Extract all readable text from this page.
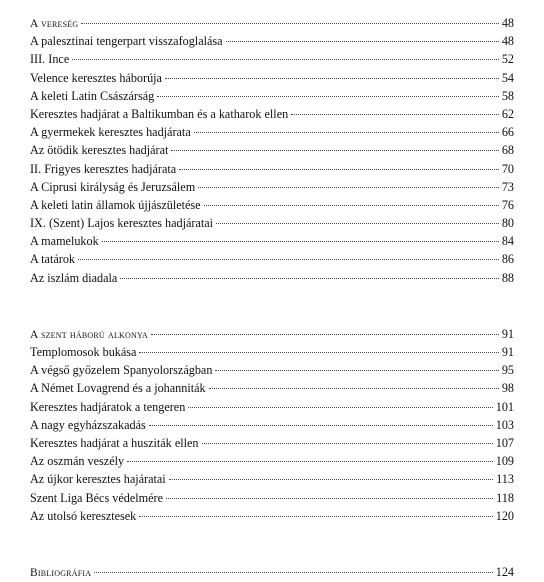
A vereség	48
A palesztinai tengerpart visszafoglalása	48
III. Ince	52
Velence keresztes háborúja	54
A keleti Latin Császárság	58
Keresztes hadjárat a Baltikumban és a katharok ellen	62
A gyermekek keresztes hadjárata	66
Az ötödik keresztes hadjárat	68
II. Frigyes keresztes hadjárata	70
A Ciprusi királyság és Jeruzsálem	73
A keleti latin államok újjászületése	76
IX. (Szent) Lajos keresztes hadjáratai	80
A mamelukok	84
A tatárok	86
Az iszlám diadala	88
A szent háború alkonya	91
Templomosok bukása	91
A végső győzelem Spanyolországban	95
A Német Lovagrend és a johanniták	98
Keresztes hadjáratok a tengeren	101
A nagy egyházszakadás	103
Keresztes hadjárat a husziták ellen	107
Az oszmán veszély	109
Az újkor keresztes hajáratai	113
Szent Liga Bécs védelmére	118
Az utolsó keresztesek	120
Bibliográfia	124
